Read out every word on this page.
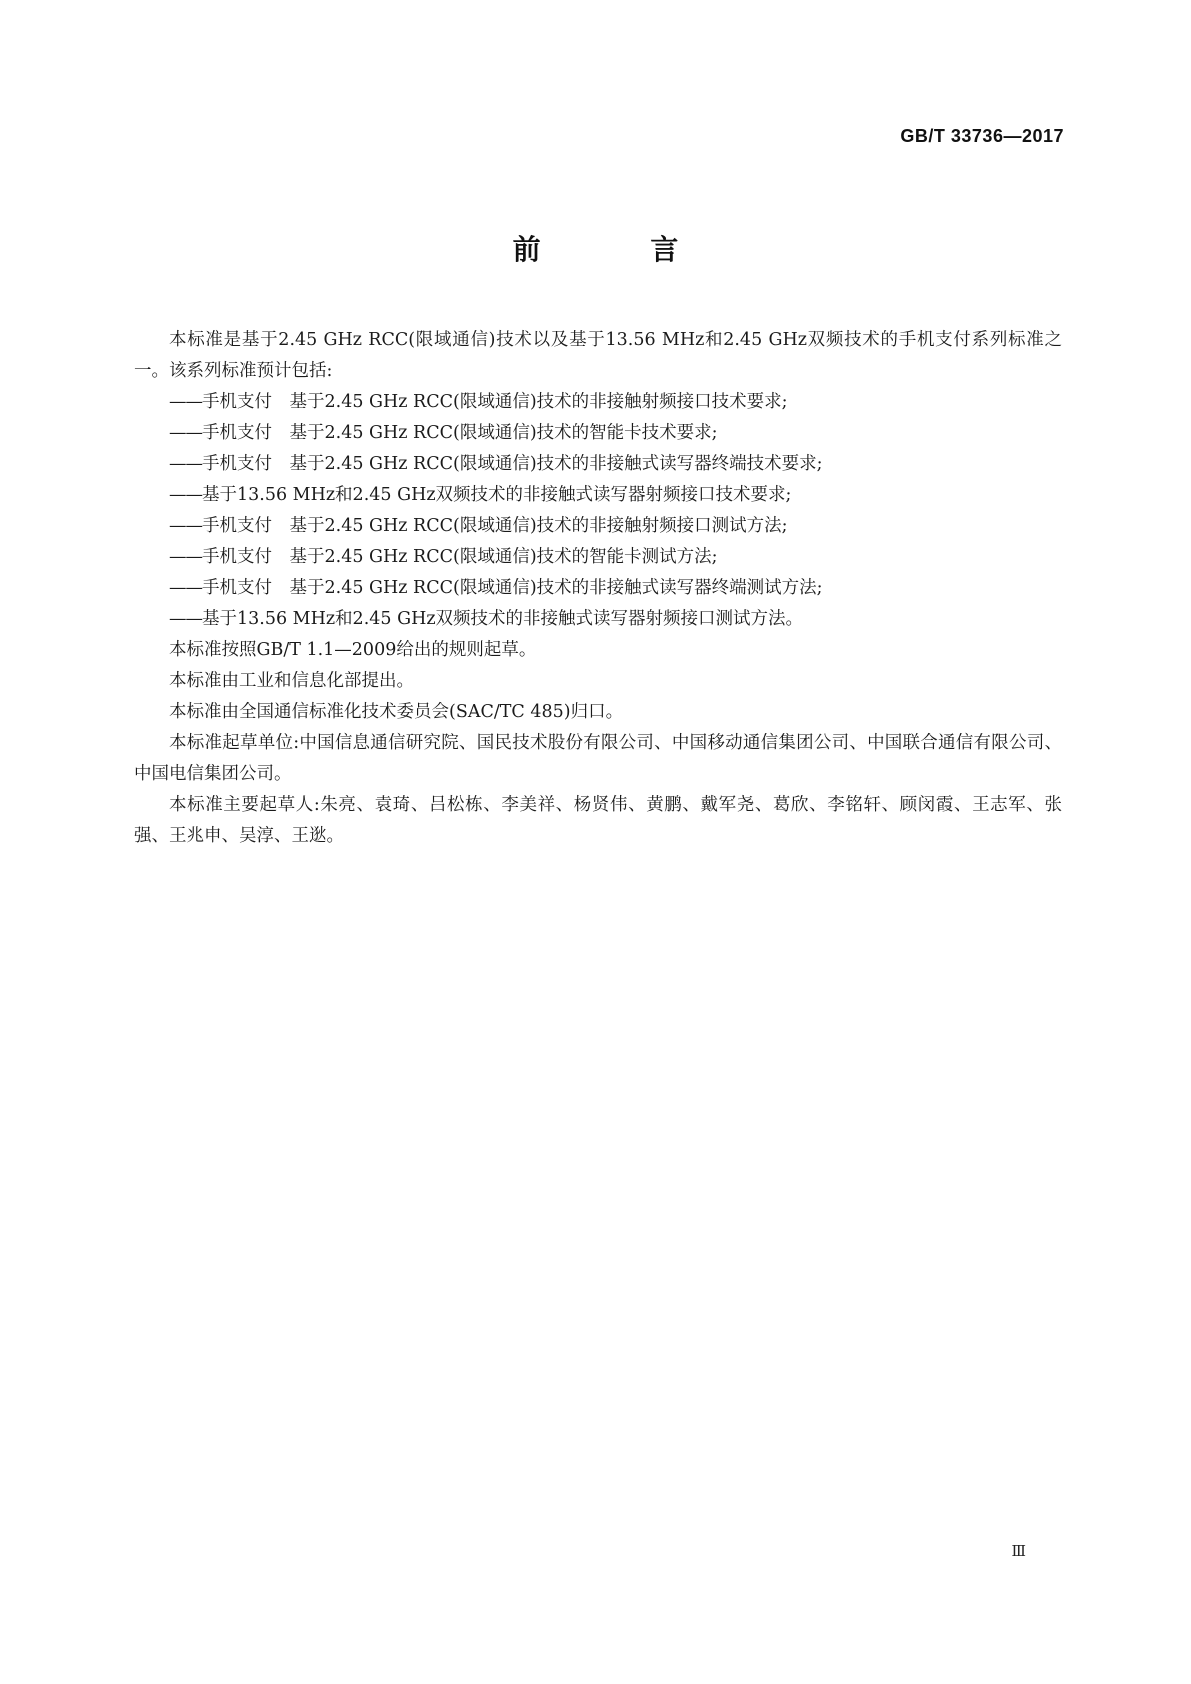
GB/T 33736—2017
前 言

本标准是基于2.45 GHz RCC(限域通信)技术以及基于13.56 MHz和2.45 GHz双频技术的手机支付系列标准之一。该系列标准预计包括:

——手机支付 基于2.45 GHz RCC(限域通信)技术的非接触射频接口技术要求;

——手机支付 基于2.45 GHz RCC(限域通信)技术的智能卡技术要求;

——手机支付 基于2.45 GHz RCC(限域通信)技术的非接触式读写器终端技术要求;

——基于13.56 MHz和2.45 GHz双频技术的非接触式读写器射频接口技术要求;

——手机支付 基于2.45 GHz RCC(限域通信)技术的非接触射频接口测试方法;

——手机支付 基于2.45 GHz RCC(限域通信)技术的智能卡测试方法;

——手机支付 基于2.45 GHz RCC(限域通信)技术的非接触式读写器终端测试方法;

——基于13.56 MHz和2.45 GHz双频技术的非接触式读写器射频接口测试方法。

本标准按照GB/T 1.1—2009给出的规则起草。

本标准由工业和信息化部提出。

本标准由全国通信标准化技术委员会(SAC/TC 485)归口。

本标准起草单位:中国信息通信研究院、国民技术股份有限公司、中国移动通信集团公司、中国联合通信有限公司、中国电信集团公司。

本标准主要起草人:朱亮、袁琦、吕松栋、李美祥、杨贤伟、黄鹏、戴军尧、葛欣、李铭轩、顾闵霞、王志军、张强、王兆申、吴淳、王逖。

Ⅲ
